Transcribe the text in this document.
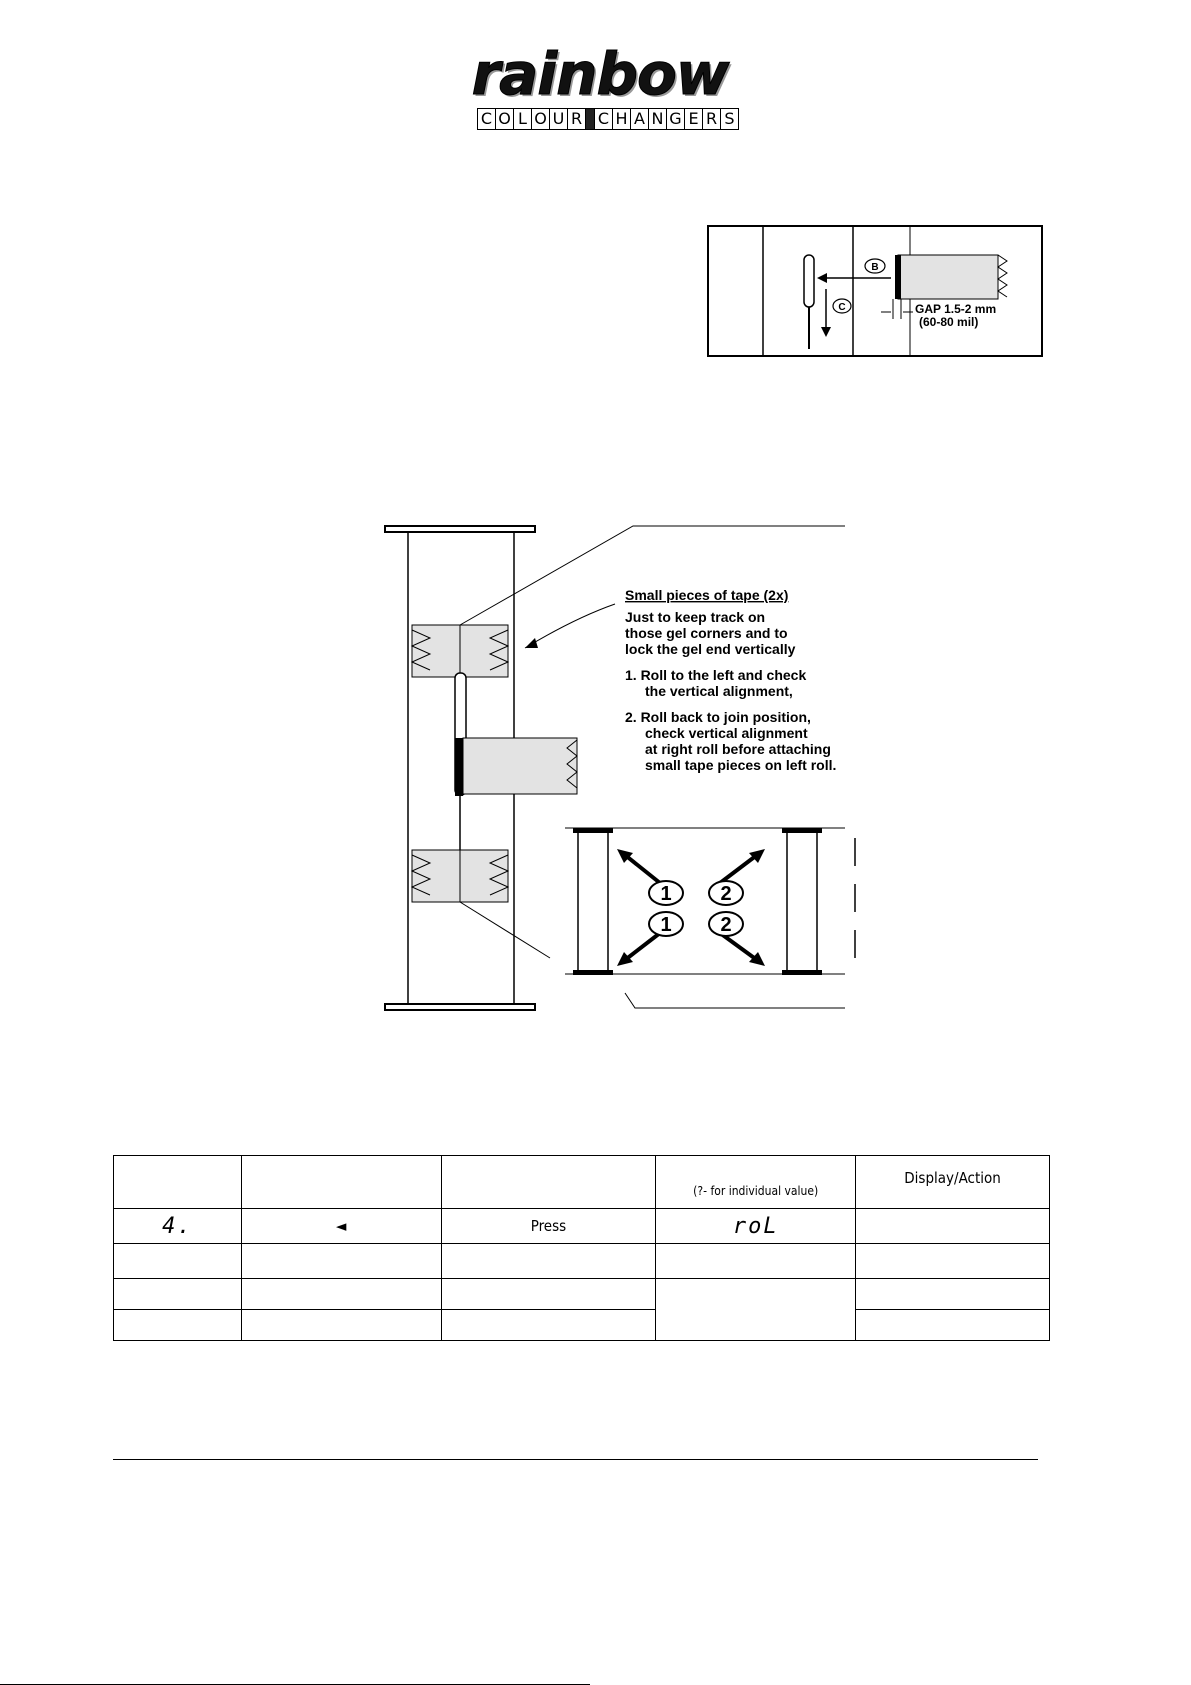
rainbow
C O L O U R C H A N G E R S
B
C	GAP 1.5-2 mm
(60-80 mil)
Small pieces of tape (2x)
Just to keep track on
those gel corners and to
lock the gel end vertically
1. Roll to the left and check
the vertical alignment,
2. Roll back to join position,
check vertical alignment
at right roll before attaching
small tape pieces on left roll.
1 2
1 2

			(?- for individual value)	Display/Action

4.	◄	Press	roL	
